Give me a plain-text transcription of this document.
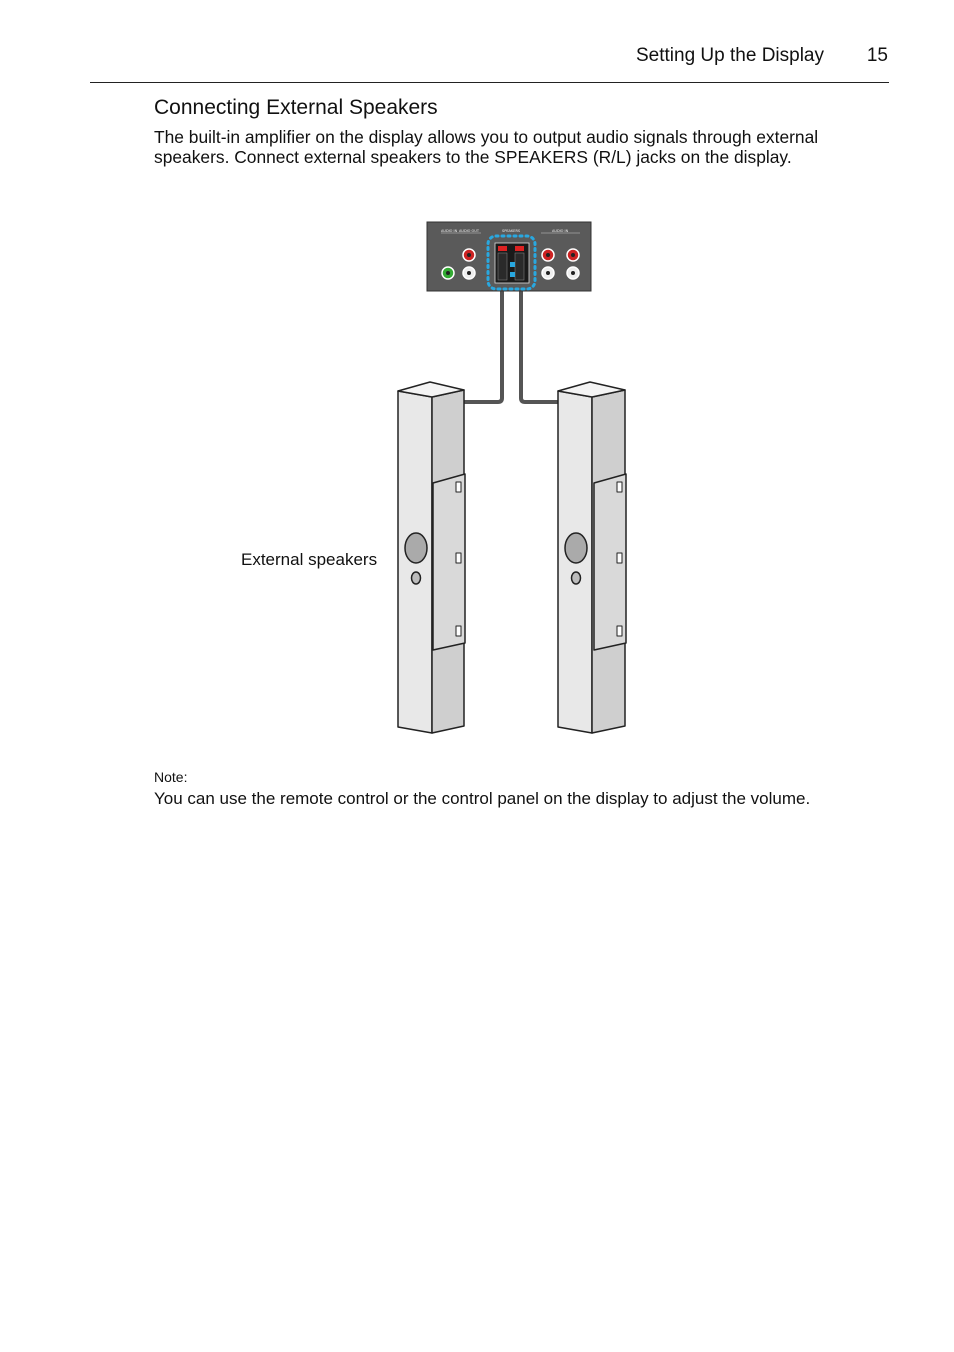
Setting Up the Display 15
Connecting External Speakers

The built-in amplifier on the display allows you to output audio signals through external speakers. Connect external speakers to the SPEAKERS (R/L) jacks on the display.

AUDIO IN AUDIO OUT	SPEAKERS	AUDIO IN
External speakers
Note:
You can use the remote control or the control panel on the display to adjust the volume.
